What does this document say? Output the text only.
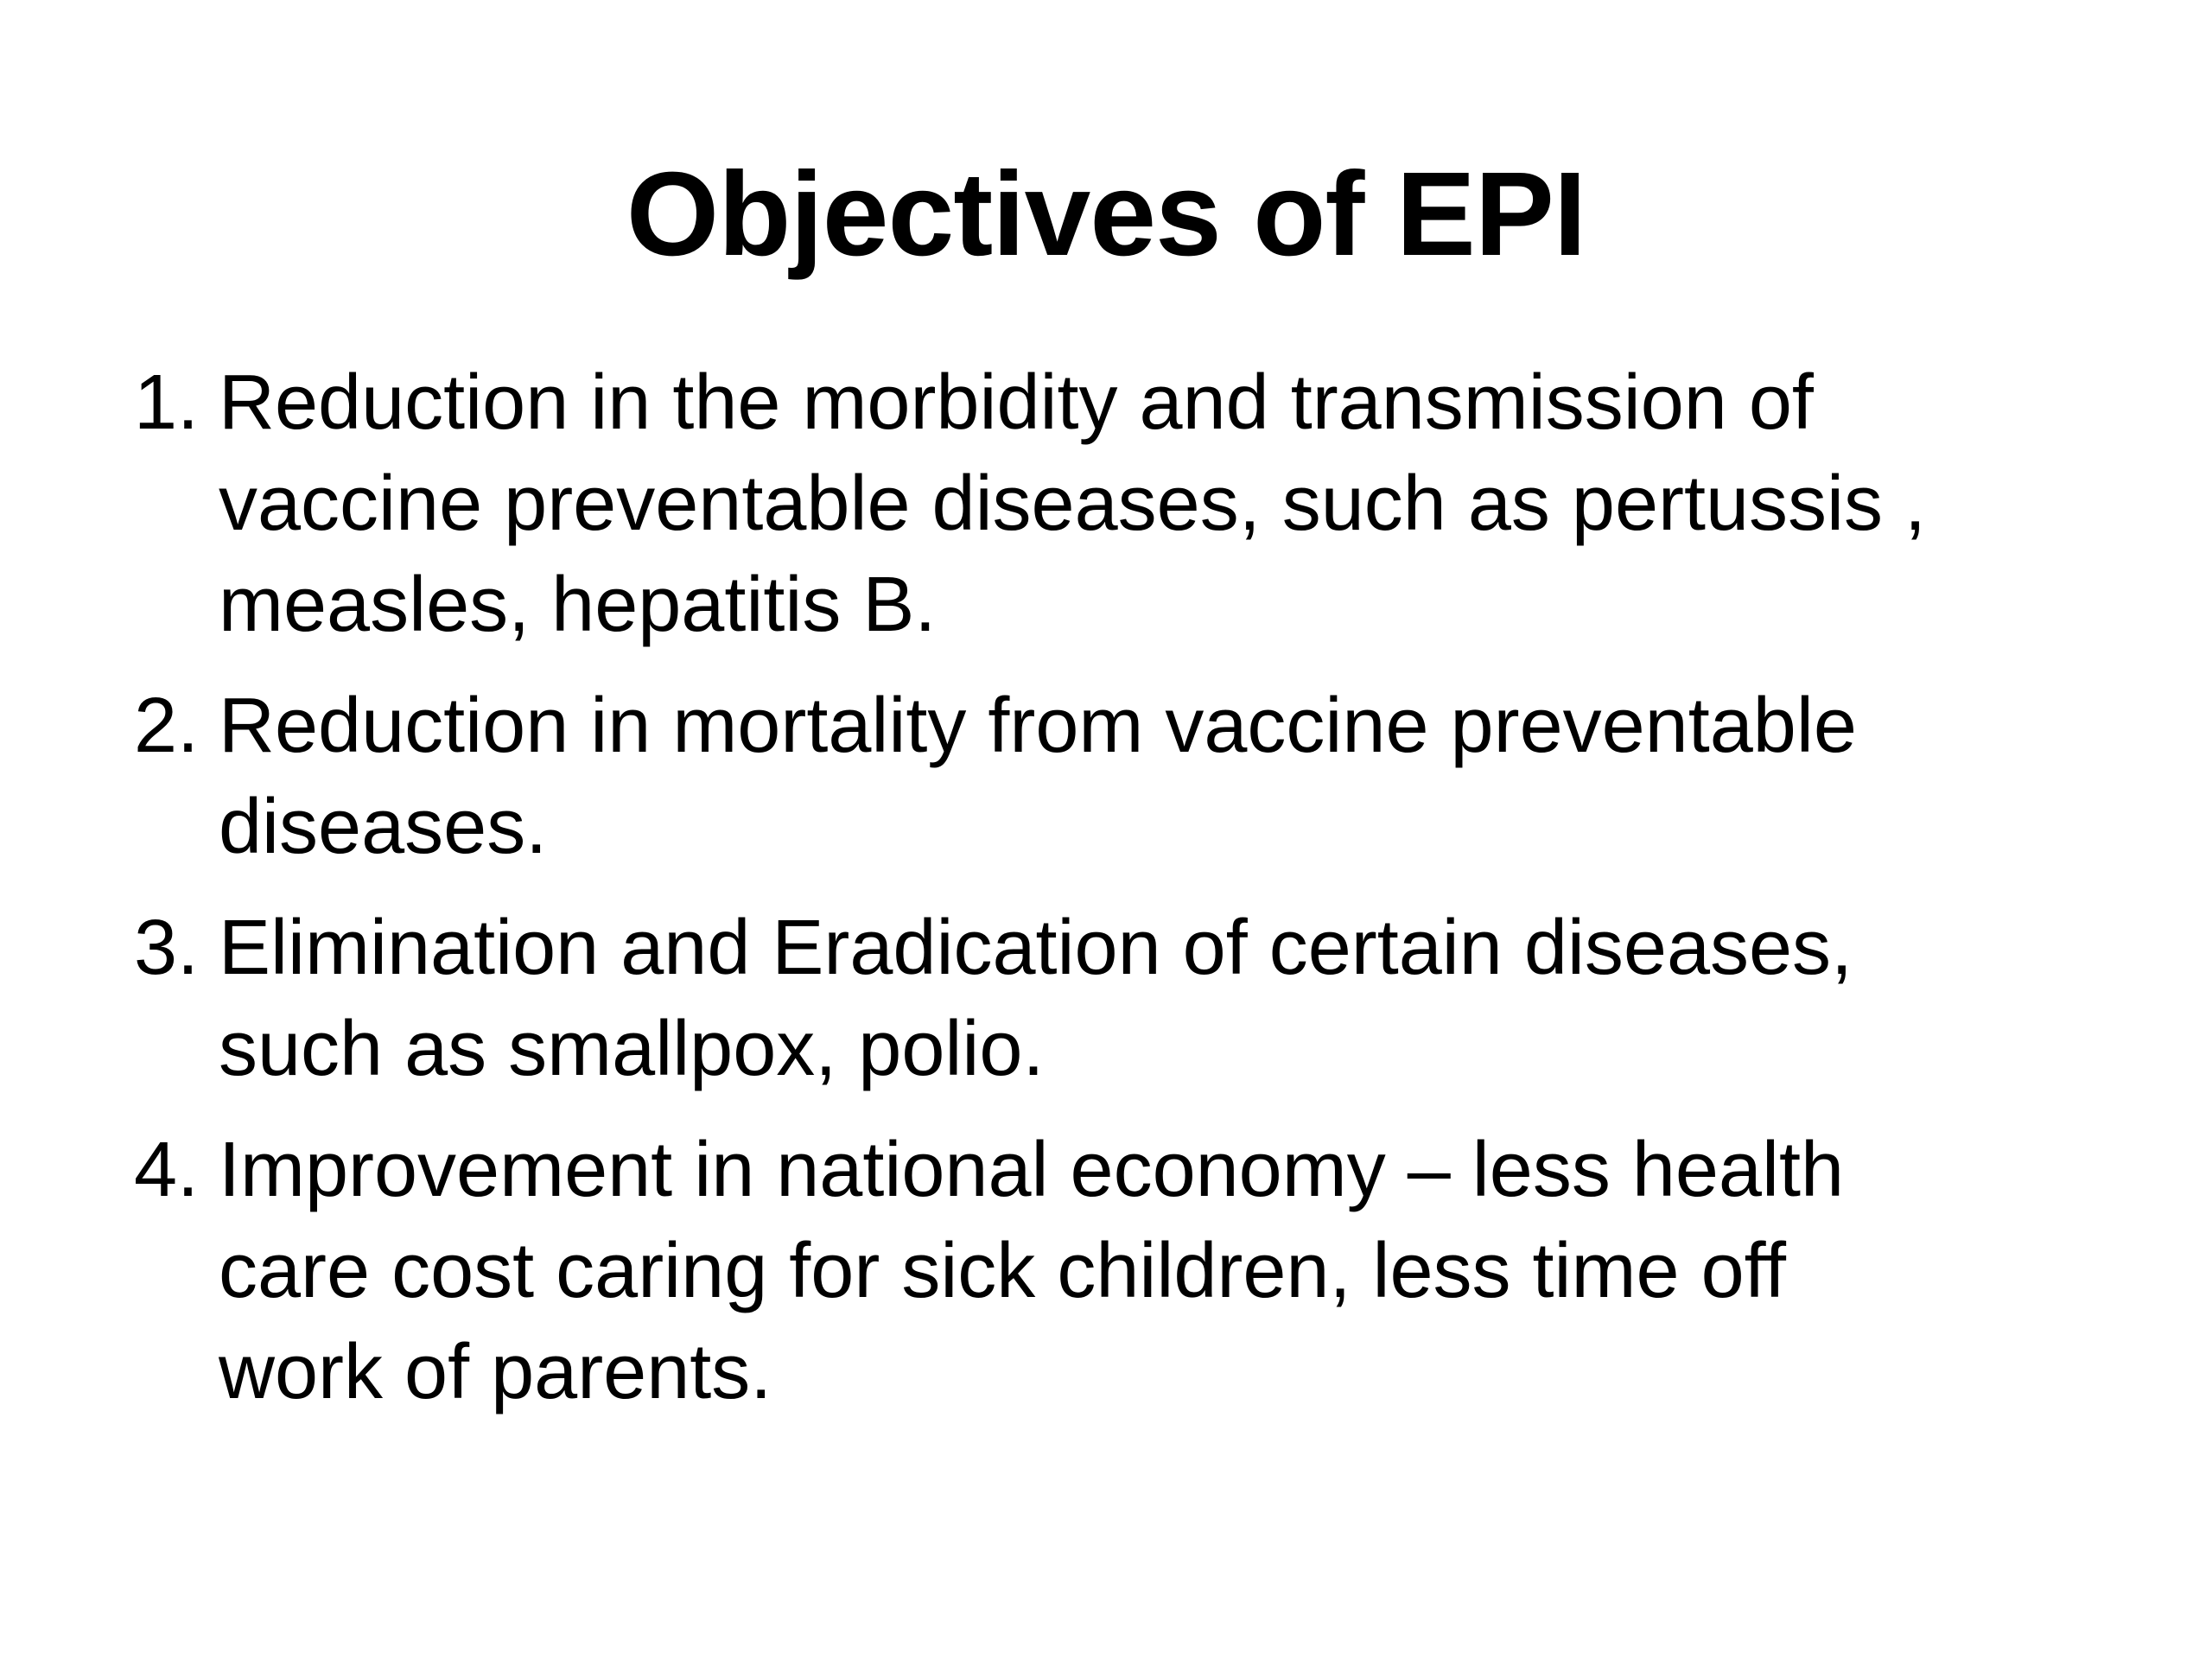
Objectives of EPI
1. Reduction in the morbidity and transmission of
vaccine preventable diseases, such as pertussis ,
measles, hepatitis B.
2. Reduction in mortality from vaccine preventable
diseases.
3. Elimination and Eradication of certain diseases,
such as smallpox, polio.
4. Improvement in national economy – less health
care cost caring for sick children, less time off
work of parents.
